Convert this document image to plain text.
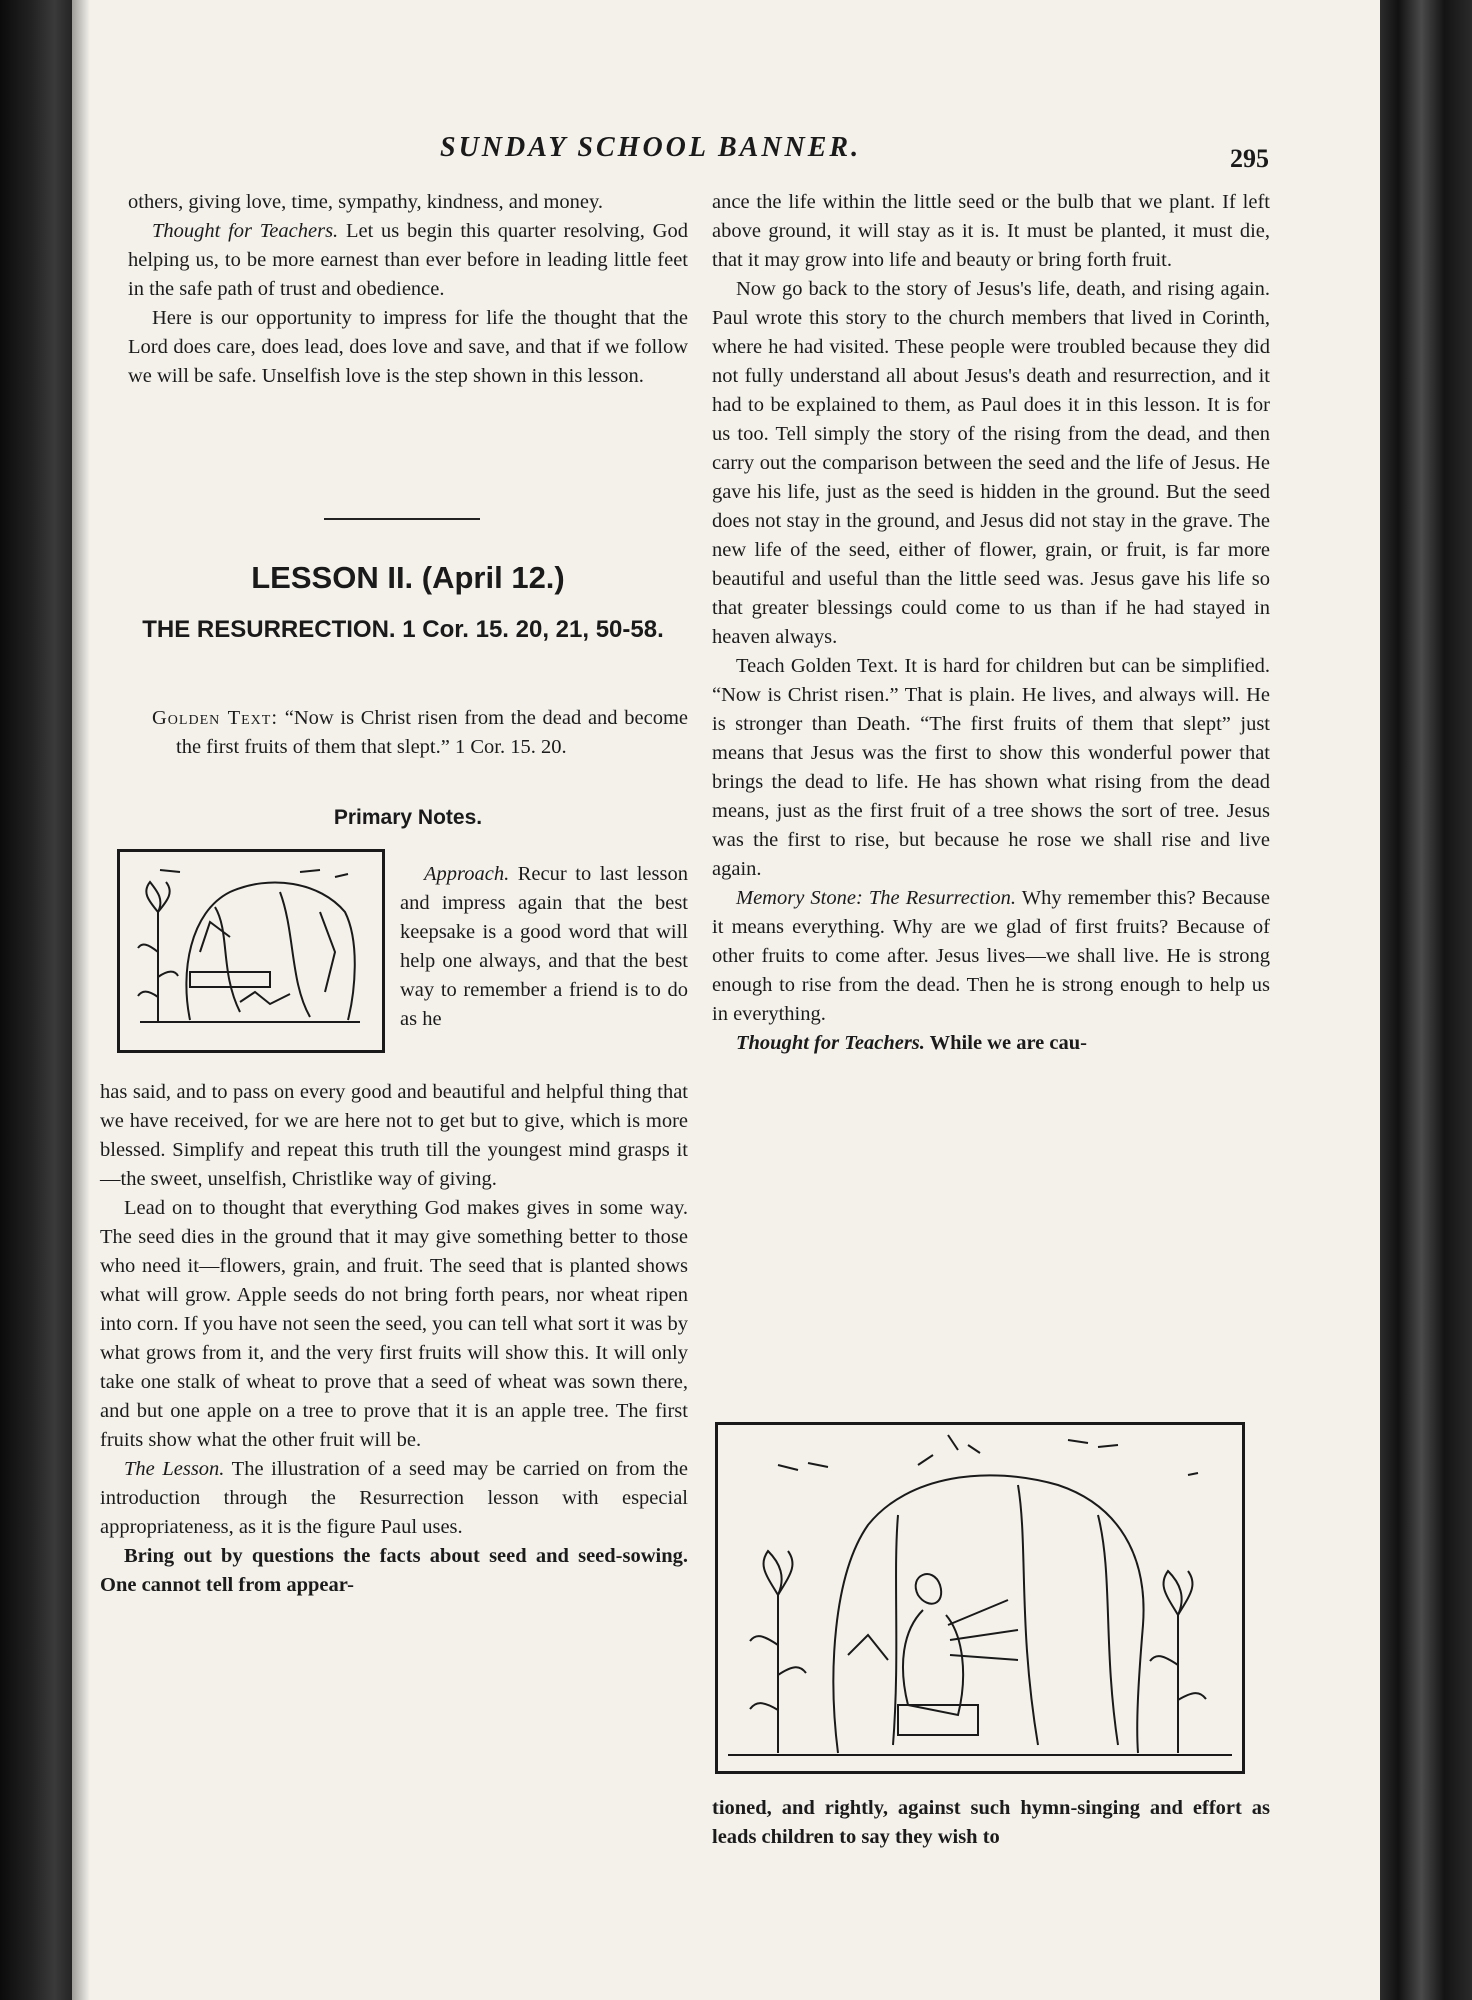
SUNDAY SCHOOL BANNER.	295

others, giving love, time, sympathy, kindness, and money.

Thought for Teachers. Let us begin this quarter resolving, God helping us, to be more earnest than ever before in leading little feet in the safe path of trust and obedience.

Here is our opportunity to impress for life the thought that the Lord does care, does lead, does love and save, and that if we follow we will be safe. Unselfish love is the step shown in this lesson.

LESSON II. (April 12.)
THE RESURRECTION. 1 Cor. 15. 20, 21, 50-58.

Golden Text: “Now is Christ risen from the dead and become the first fruits of them that slept.” 1 Cor. 15. 20.

Primary Notes.

Approach. Recur to last lesson and impress again that the best keepsake is a good word that will help one always, and that the best way to remember a friend is to do as he

has said, and to pass on every good and beautiful and helpful thing that we have received, for we are here not to get but to give, which is more blessed. Simplify and repeat this truth till the youngest mind grasps it—the sweet, unselfish, Christlike way of giving.

Lead on to thought that everything God makes gives in some way. The seed dies in the ground that it may give something better to those who need it—flowers, grain, and fruit. The seed that is planted shows what will grow. Apple seeds do not bring forth pears, nor wheat ripen into corn. If you have not seen the seed, you can tell what sort it was by what grows from it, and the very first fruits will show this. It will only take one stalk of wheat to prove that a seed of wheat was sown there, and but one apple on a tree to prove that it is an apple tree. The first fruits show what the other fruit will be.

The Lesson. The illustration of a seed may be carried on from the introduction through the Resurrection lesson with especial appropriateness, as it is the figure Paul uses.

Bring out by questions the facts about seed and seed-sowing. One cannot tell from appear-

ance the life within the little seed or the bulb that we plant. If left above ground, it will stay as it is. It must be planted, it must die, that it may grow into life and beauty or bring forth fruit.

Now go back to the story of Jesus's life, death, and rising again. Paul wrote this story to the church members that lived in Corinth, where he had visited. These people were troubled because they did not fully understand all about Jesus's death and resurrection, and it had to be explained to them, as Paul does it in this lesson. It is for us too. Tell simply the story of the rising from the dead, and then carry out the comparison between the seed and the life of Jesus. He gave his life, just as the seed is hidden in the ground. But the seed does not stay in the ground, and Jesus did not stay in the grave. The new life of the seed, either of flower, grain, or fruit, is far more beautiful and useful than the little seed was. Jesus gave his life so that greater blessings could come to us than if he had stayed in heaven always.

Teach Golden Text. It is hard for children but can be simplified. “Now is Christ risen.” That is plain. He lives, and always will. He is stronger than Death. “The first fruits of them that slept” just means that Jesus was the first to show this wonderful power that brings the dead to life. He has shown what rising from the dead means, just as the first fruit of a tree shows the sort of tree. Jesus was the first to rise, but because he rose we shall rise and live again.

Memory Stone: The Resurrection. Why remember this? Because it means everything. Why are we glad of first fruits? Because of other fruits to come after. Jesus lives—we shall live. He is strong enough to rise from the dead. Then he is strong enough to help us in everything.

Thought for Teachers. While we are cau-

tioned, and rightly, against such hymn-singing and effort as leads children to say they wish to
